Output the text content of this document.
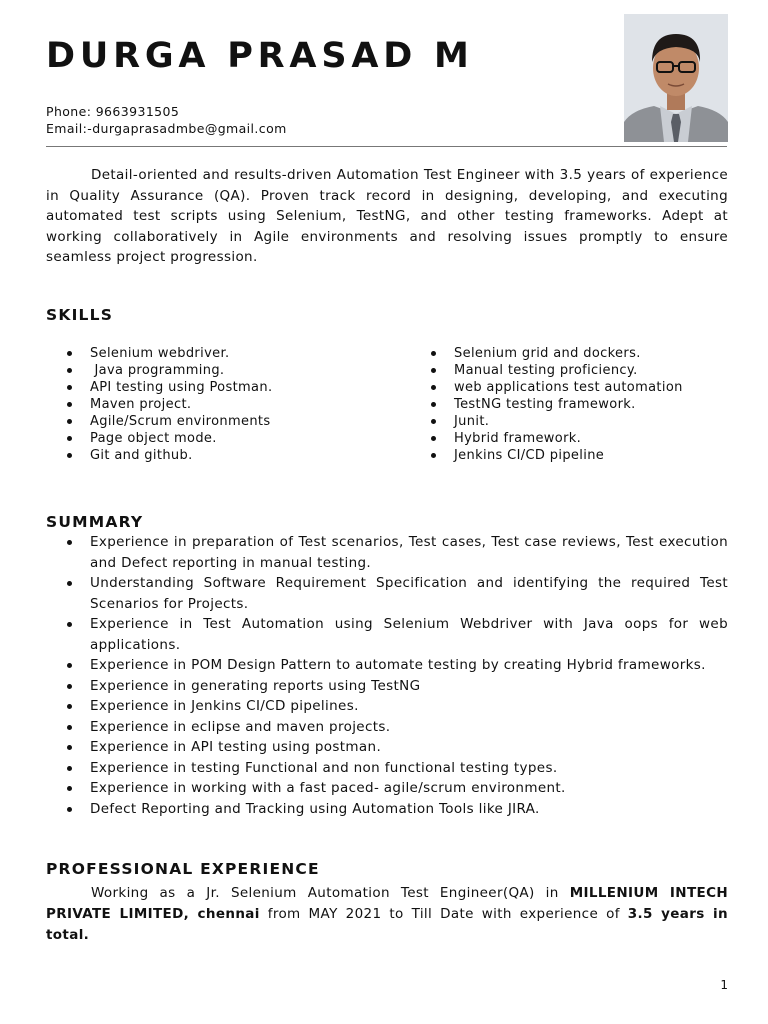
DURGA PRASAD M
Phone: 9663931505
Email:-durgaprasadmbe@gmail.com

Detail-oriented and results-driven Automation Test Engineer with 3.5 years of experience in Quality Assurance (QA). Proven track record in designing, developing, and executing automated test scripts using Selenium, TestNG, and other testing frameworks. Adept at working collaboratively in Agile environments and resolving issues promptly to ensure seamless project progression.

SKILLS
Selenium webdriver.
Java programming.
API testing using Postman.
Maven project.
Agile/Scrum environments
Page object mode.
Git and github.
Selenium grid and dockers.
Manual testing proficiency.
web applications test automation
TestNG testing framework.
Junit.
Hybrid framework.
Jenkins CI/CD pipeline
SUMMARY
Experience in preparation of Test scenarios, Test cases, Test case reviews, Test execution and Defect reporting in manual testing.
Understanding Software Requirement Specification and identifying the required Test Scenarios for Projects.
Experience in Test Automation using Selenium Webdriver with Java oops for web applications.
Experience in POM Design Pattern to automate testing by creating Hybrid frameworks.
Experience in generating reports using TestNG
Experience in Jenkins CI/CD pipelines.
Experience in eclipse and maven projects.
Experience in API testing using postman.
Experience in testing Functional and non functional testing types.
Experience in working with a fast paced- agile/scrum environment.
Defect Reporting and Tracking using Automation Tools like JIRA.
PROFESSIONAL EXPERIENCE

Working as a Jr. Selenium Automation Test Engineer(QA) in MILLENIUM INTECH PRIVATE LIMITED, chennai from MAY 2021 to Till Date with experience of 3.5 years in total.

1
